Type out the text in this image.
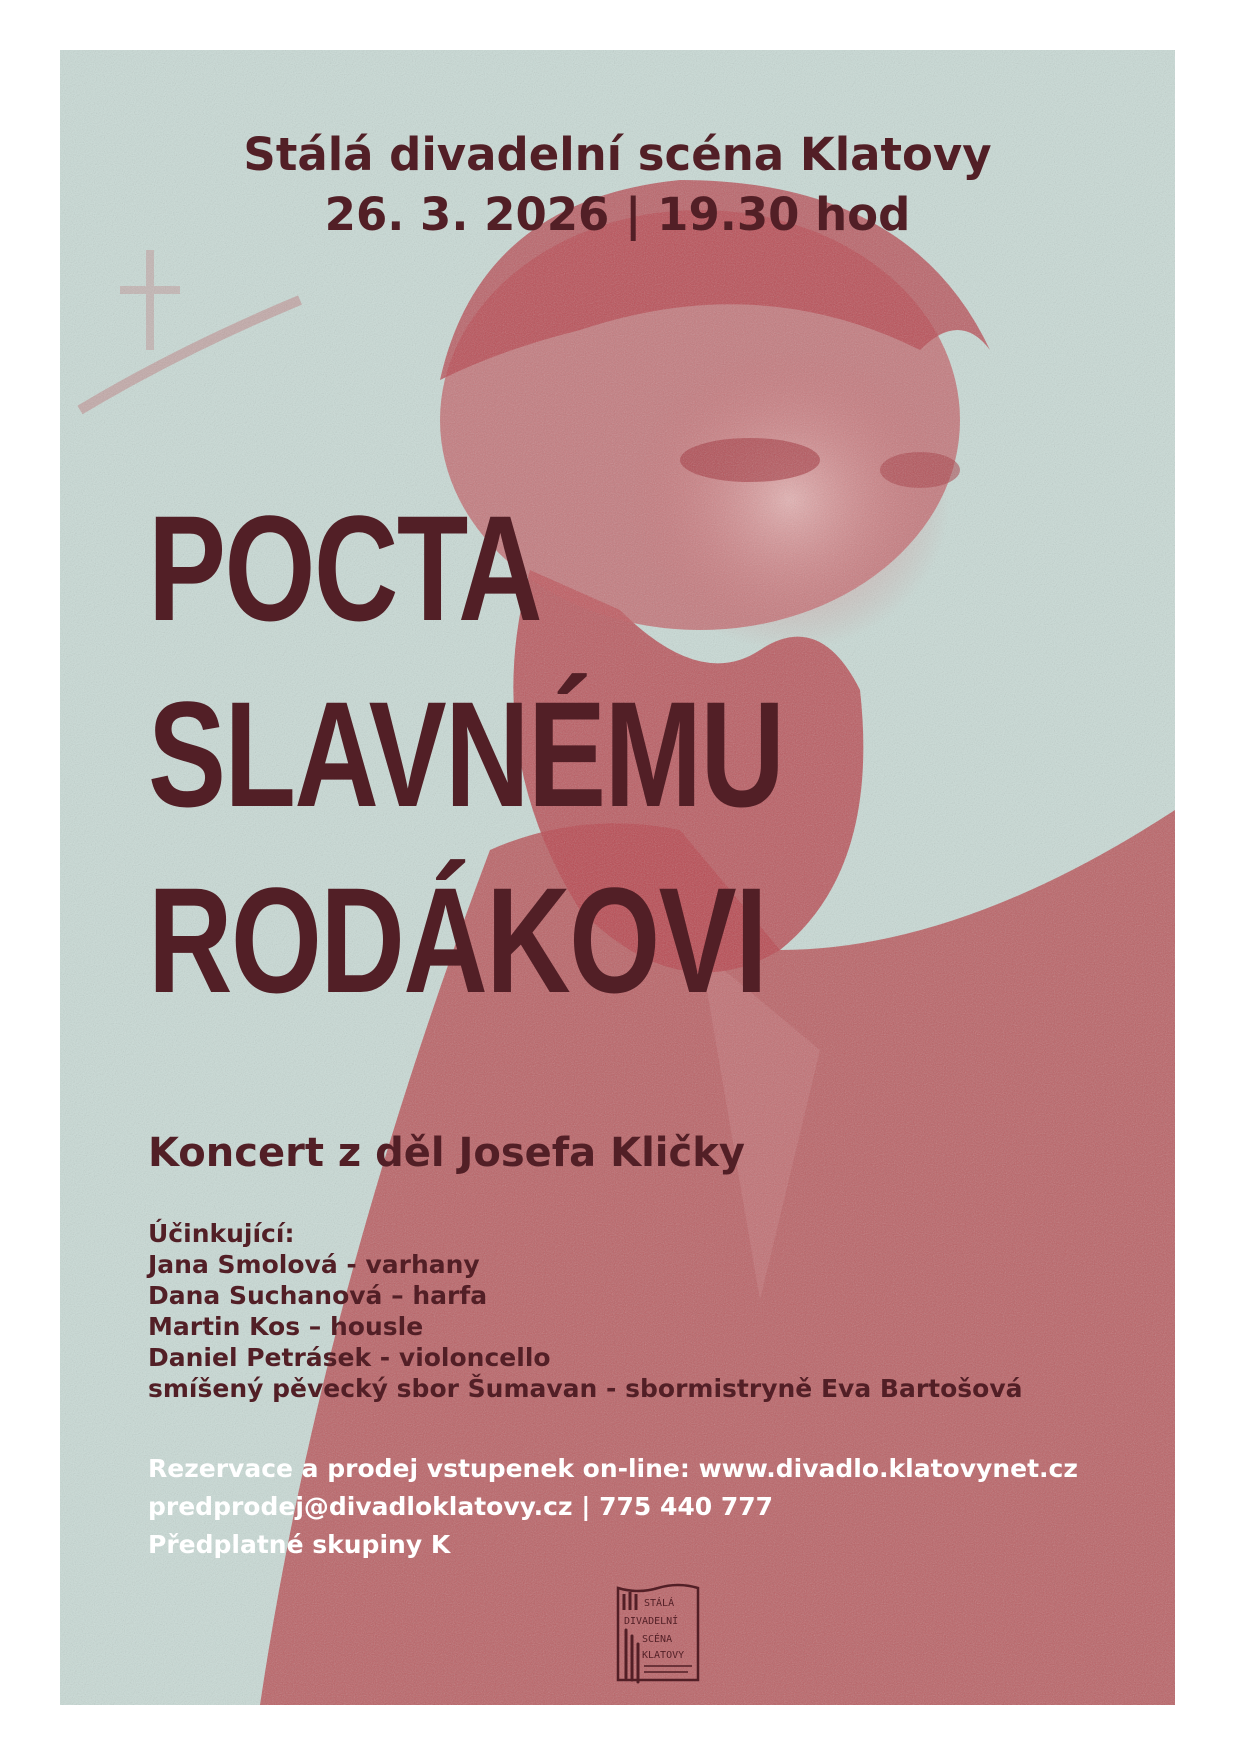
Stálá divadelní scéna Klatovy
26. 3. 2026 | 19.30 hod
POCTA
SLAVNÉMU
RODÁKOVI
Koncert z děl Josefa Kličky
Účinkující:
Jana Smolová - varhany
Dana Suchanová – harfa
Martin Kos – housle
Daniel Petrásek - violoncello
smíšený pěvecký sbor Šumavan - sbormistryně Eva Bartošová
Rezervace a prodej vstupenek on-line: www.divadlo.klatovynet.cz
predprodej@divadloklatovy.cz | 775 440 777
Předplatné skupiny K
STÁLÁ
DIVADELNÍ
SCÉNA
KLATOVY
